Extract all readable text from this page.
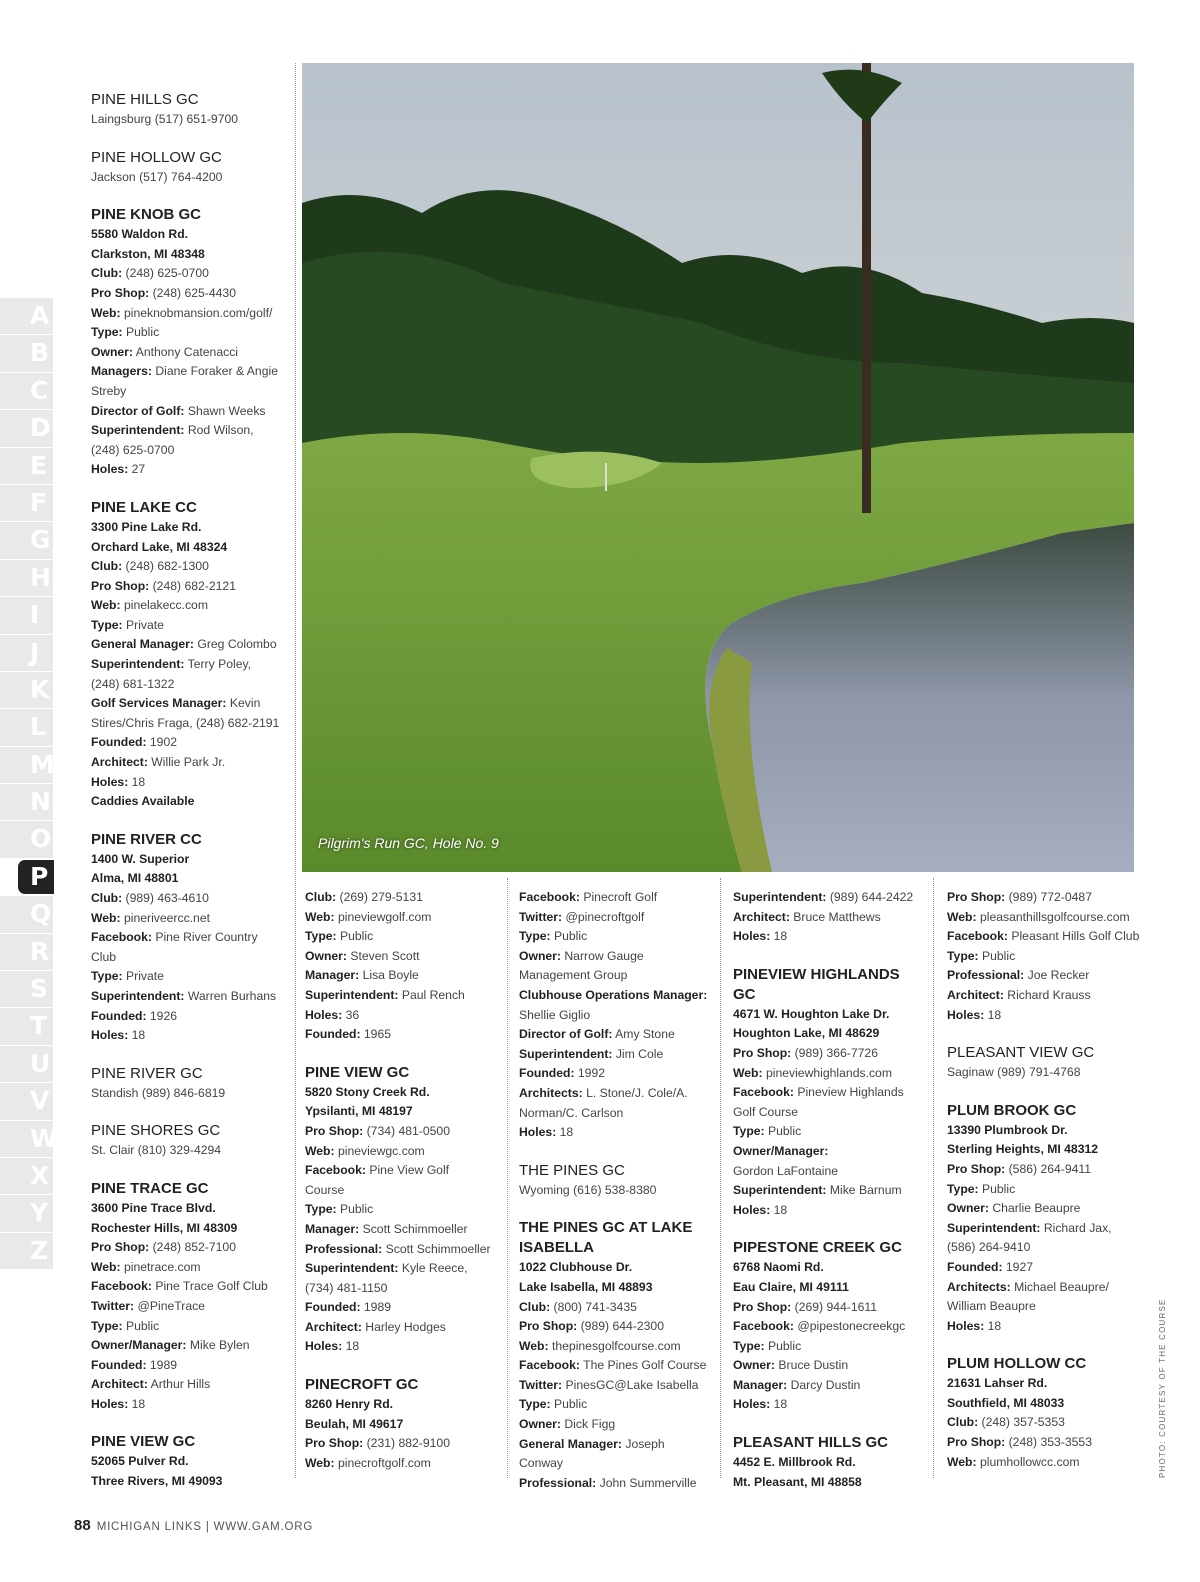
A
B
C
D
E
F
G
H
I
J
K
L
M
N
O
P
Q
R
S
T
U
V
W
X
Y
Z
PINE HILLS GC
Laingsburg (517) 651-9700
PINE HOLLOW GC
Jackson (517) 764-4200
PINE KNOB GC
5580 Waldon Rd.
Clarkston, MI 48348
Club: (248) 625-0700
Pro Shop: (248) 625-4430
Web: pineknobmansion.com/golf/
Type: Public
Owner: Anthony Catenacci
Managers: Diane Foraker & Angie
Streby
Director of Golf: Shawn Weeks
Superintendent: Rod Wilson,
(248) 625-0700
Holes: 27
PINE LAKE CC
3300 Pine Lake Rd.
Orchard Lake, MI 48324
Club: (248) 682-1300
Pro Shop: (248) 682-2121
Web: pinelakecc.com
Type: Private
General Manager: Greg Colombo
Superintendent: Terry Poley,
(248) 681-1322
Golf Services Manager: Kevin
Stires/Chris Fraga, (248) 682-2191
Founded: 1902
Architect: Willie Park Jr.
Holes: 18
Caddies Available
PINE RIVER CC
1400 W. Superior
Alma, MI 48801
Club: (989) 463-4610
Web: pineriveercc.net
Facebook: Pine River Country Club
Type: Private
Superintendent: Warren Burhans
Founded: 1926
Holes: 18
PINE RIVER GC
Standish (989) 846-6819
PINE SHORES GC
St. Clair (810) 329-4294
PINE TRACE GC
3600 Pine Trace Blvd.
Rochester Hills, MI 48309
Pro Shop: (248) 852-7100
Web: pinetrace.com
Facebook: Pine Trace Golf Club
Twitter: @PineTrace
Type: Public
Owner/Manager: Mike Bylen
Founded: 1989
Architect: Arthur Hills
Holes: 18
PINE VIEW GC
52065 Pulver Rd.
Three Rivers, MI 49093
Pilgrim's Run GC, Hole No. 9
Club: (269) 279-5131
Web: pineviewgolf.com
Type: Public
Owner: Steven Scott
Manager: Lisa Boyle
Superintendent: Paul Rench
Holes: 36
Founded: 1965
PINE VIEW GC
5820 Stony Creek Rd.
Ypsilanti, MI 48197
Pro Shop: (734) 481-0500
Web: pineviewgc.com
Facebook: Pine View Golf
Course
Type: Public
Manager: Scott Schimmoeller
Professional: Scott Schimmoeller
Superintendent: Kyle Reece,
(734) 481-1150
Founded: 1989
Architect: Harley Hodges
Holes: 18
PINECROFT GC
8260 Henry Rd.
Beulah, MI 49617
Pro Shop: (231) 882-9100
Web: pinecroftgolf.com
Facebook: Pinecroft Golf
Twitter: @pinecroftgolf
Type: Public
Owner: Narrow Gauge
Management Group
Clubhouse Operations Manager:
Shellie Giglio
Director of Golf: Amy Stone
Superintendent: Jim Cole
Founded: 1992
Architects: L. Stone/J. Cole/A.
Norman/C. Carlson
Holes: 18
THE PINES GC
Wyoming (616) 538-8380
THE PINES GC AT LAKE ISABELLA
1022 Clubhouse Dr.
Lake Isabella, MI 48893
Club: (800) 741-3435
Pro Shop: (989) 644-2300
Web: thepinesgolfcourse.com
Facebook: The Pines Golf Course
Twitter: PinesGC@Lake Isabella
Type: Public
Owner: Dick Figg
General Manager: Joseph Conway
Professional: John Summerville
Superintendent: (989) 644-2422
Architect: Bruce Matthews
Holes: 18
PINEVIEW HIGHLANDS GC
4671 W. Houghton Lake Dr.
Houghton Lake, MI 48629
Pro Shop: (989) 366-7726
Web: pineviewhighlands.com
Facebook: Pineview Highlands
Golf Course
Type: Public
Owner/Manager:
Gordon LaFontaine
Superintendent: Mike Barnum
Holes: 18
PIPESTONE CREEK GC
6768 Naomi Rd.
Eau Claire, MI 49111
Pro Shop: (269) 944-1611
Facebook: @pipestonecreekgc
Type: Public
Owner: Bruce Dustin
Manager: Darcy Dustin
Holes: 18
PLEASANT HILLS GC
4452 E. Millbrook Rd.
Mt. Pleasant, MI 48858
Pro Shop: (989) 772-0487
Web: pleasanthillsgolfcourse.com
Facebook: Pleasant Hills Golf Club
Type: Public
Professional: Joe Recker
Architect: Richard Krauss
Holes: 18
PLEASANT VIEW GC
Saginaw (989) 791-4768
PLUM BROOK GC
13390 Plumbrook Dr.
Sterling Heights, MI 48312
Pro Shop: (586) 264-9411
Type: Public
Owner: Charlie Beaupre
Superintendent: Richard Jax,
(586) 264-9410
Founded: 1927
Architects: Michael Beaupre/
William Beaupre
Holes: 18
PLUM HOLLOW CC
21631 Lahser Rd.
Southfield, MI 48033
Club: (248) 357-5353
Pro Shop: (248) 353-3553
Web: plumhollowcc.com	PHOTO: COURTESY OF THE COURSE
88 MICHIGAN LINKS | WWW.GAM.ORG
